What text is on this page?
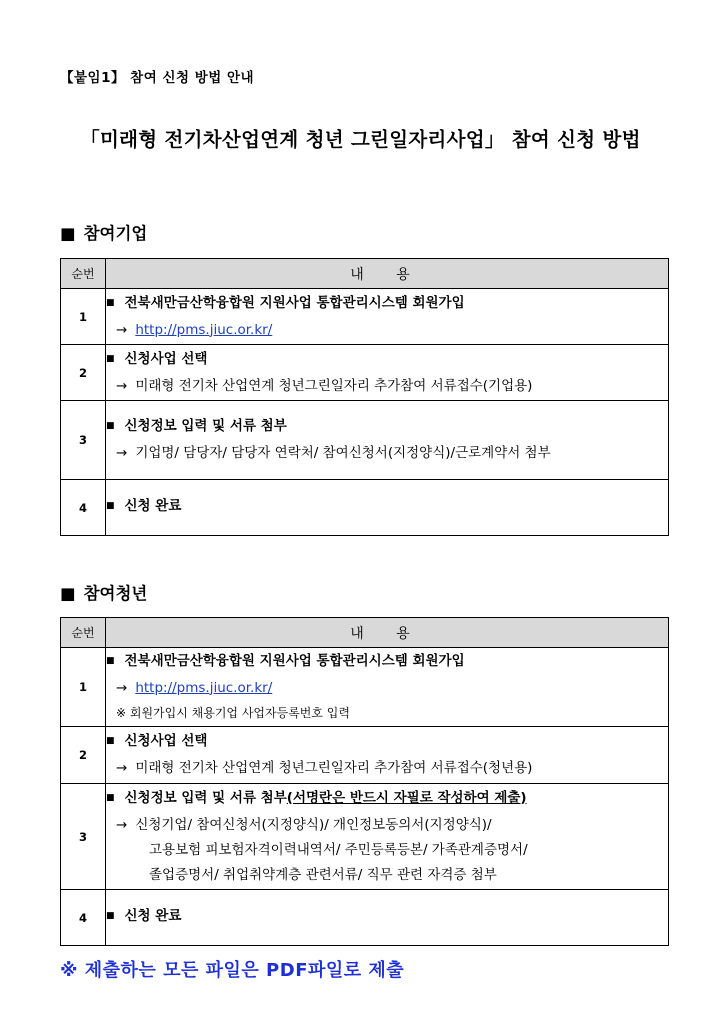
【붙임1】 참여 신청 방법 안내
「미래형 전기차산업연계 청년 그린일자리사업」 참여 신청 방법
■ 참여기업
순번	내 용
1	■ 전북새만금산학융합원 지원사업 통합관리시스템 회원가입
→ http://pms.jiuc.or.kr/

2	■ 신청사업 선택
→ 미래형 전기차 산업연계 청년그린일자리 추가참여 서류접수(기업용)

3	■ 신청정보 입력 및 서류 첨부
→ 기업명/ 담당자/ 담당자 연락처/ 참여신청서(지정양식)/근로계약서 첨부

4	■ 신청 완료
■ 참여청년
순번	내 용
1	■ 전북새만금산학융합원 지원사업 통합관리시스템 회원가입
→ http://pms.jiuc.or.kr/
※ 회원가입시 채용기업 사업자등록번호 입력

2	■ 신청사업 선택
→ 미래형 전기차 산업연계 청년그린일자리 추가참여 서류접수(청년용)

3	■ 신청정보 입력 및 서류 첨부(서명란은 반드시 자필로 작성하여 제출)
→ 신청기업/ 참여신청서(지정양식)/ 개인정보동의서(지정양식)/
고용보험 피보험자격이력내역서/ 주민등록등본/ 가족관계증명서/
졸업증명서/ 취업취약계층 관련서류/ 직무 관련 자격증 첨부

4	■ 신청 완료
※ 제출하는 모든 파일은 PDF파일로 제출
